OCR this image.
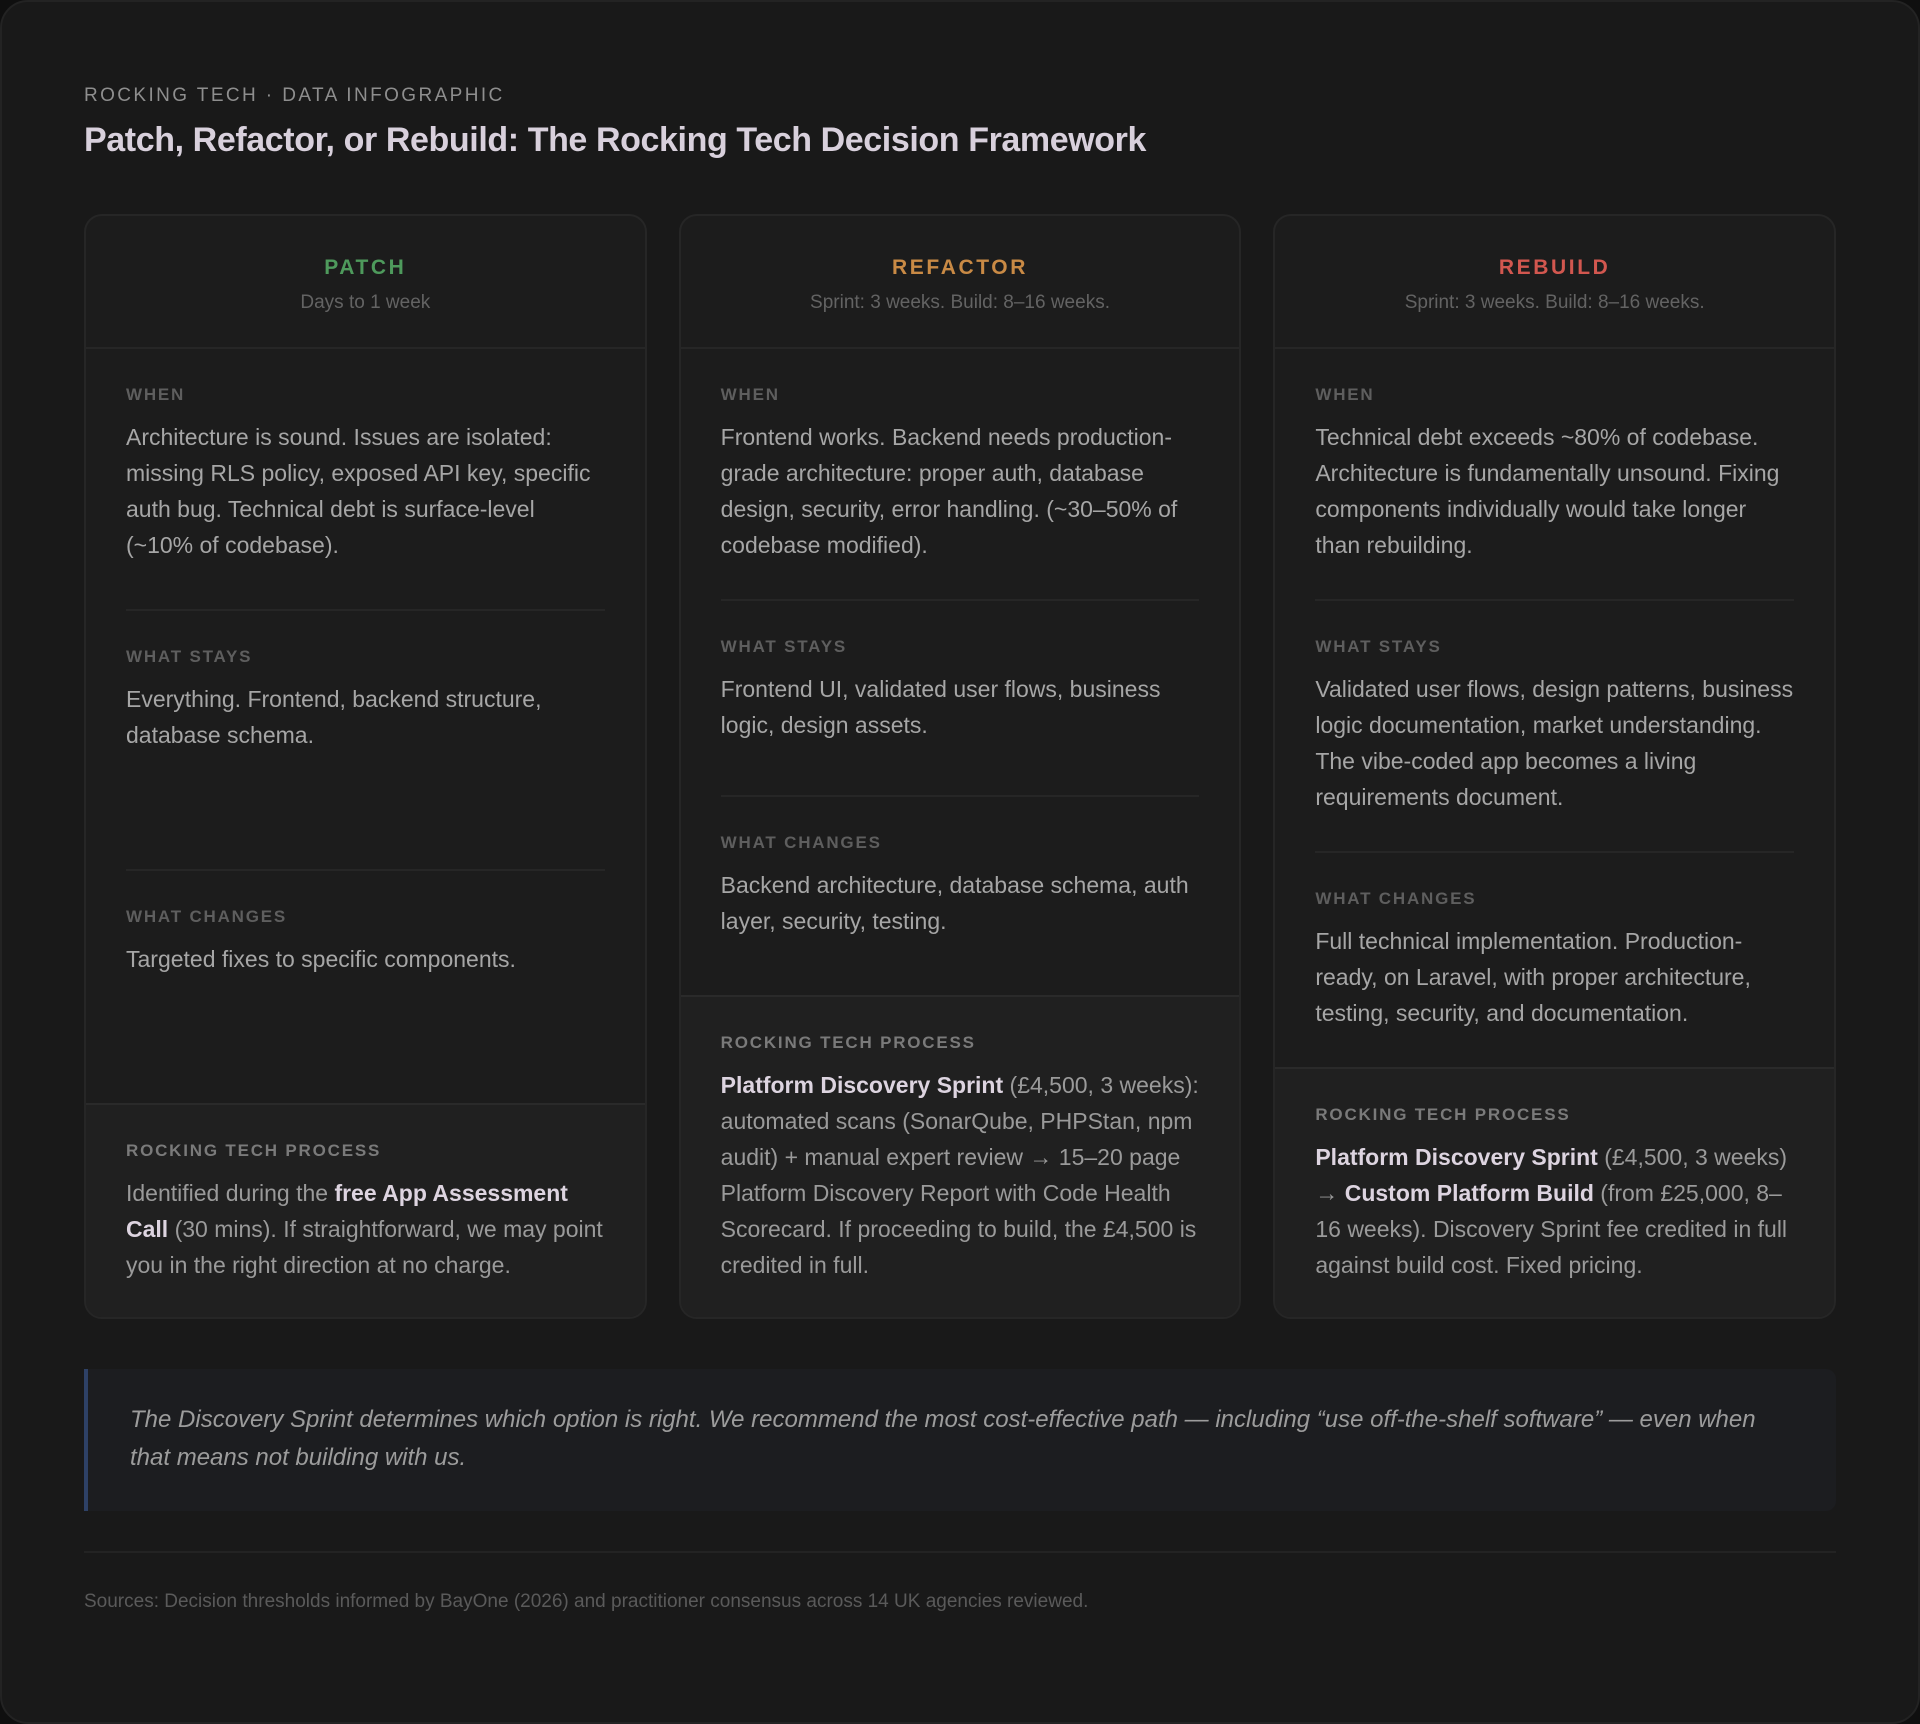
ROCKING TECH · DATA INFOGRAPHIC
Patch, Refactor, or Rebuild: The Rocking Tech Decision Framework
PATCH
Days to 1 week
WHEN
Architecture is sound. Issues are isolated: missing RLS policy, exposed API key, specific auth bug. Technical debt is surface-level (~10% of codebase).
WHAT STAYS
Everything. Frontend, backend structure, database schema.
WHAT CHANGES
Targeted fixes to specific components.
ROCKING TECH PROCESS
Identified during the free App Assessment Call (30 mins). If straightforward, we may point you in the right direction at no charge.
REFACTOR
Sprint: 3 weeks. Build: 8–16 weeks.
WHEN
Frontend works. Backend needs production-grade architecture: proper auth, database design, security, error handling. (~30–50% of codebase modified).
WHAT STAYS
Frontend UI, validated user flows, business logic, design assets.
WHAT CHANGES
Backend architecture, database schema, auth layer, security, testing.
ROCKING TECH PROCESS
Platform Discovery Sprint (£4,500, 3 weeks): automated scans (SonarQube, PHPStan, npm audit) + manual expert review → 15–20 page Platform Discovery Report with Code Health Scorecard. If proceeding to build, the £4,500 is credited in full.
REBUILD
Sprint: 3 weeks. Build: 8–16 weeks.
WHEN
Technical debt exceeds ~80% of codebase. Architecture is fundamentally unsound. Fixing components individually would take longer than rebuilding.
WHAT STAYS
Validated user flows, design patterns, business logic documentation, market understanding. The vibe-coded app becomes a living requirements document.
WHAT CHANGES
Full technical implementation. Production-ready, on Laravel, with proper architecture, testing, security, and documentation.
ROCKING TECH PROCESS
Platform Discovery Sprint (£4,500, 3 weeks) → Custom Platform Build (from £25,000, 8–16 weeks). Discovery Sprint fee credited in full against build cost. Fixed pricing.
The Discovery Sprint determines which option is right. We recommend the most cost-effective path — including “use off-the-shelf software” — even when that means not building with us.
Sources: Decision thresholds informed by BayOne (2026) and practitioner consensus across 14 UK agencies reviewed.
